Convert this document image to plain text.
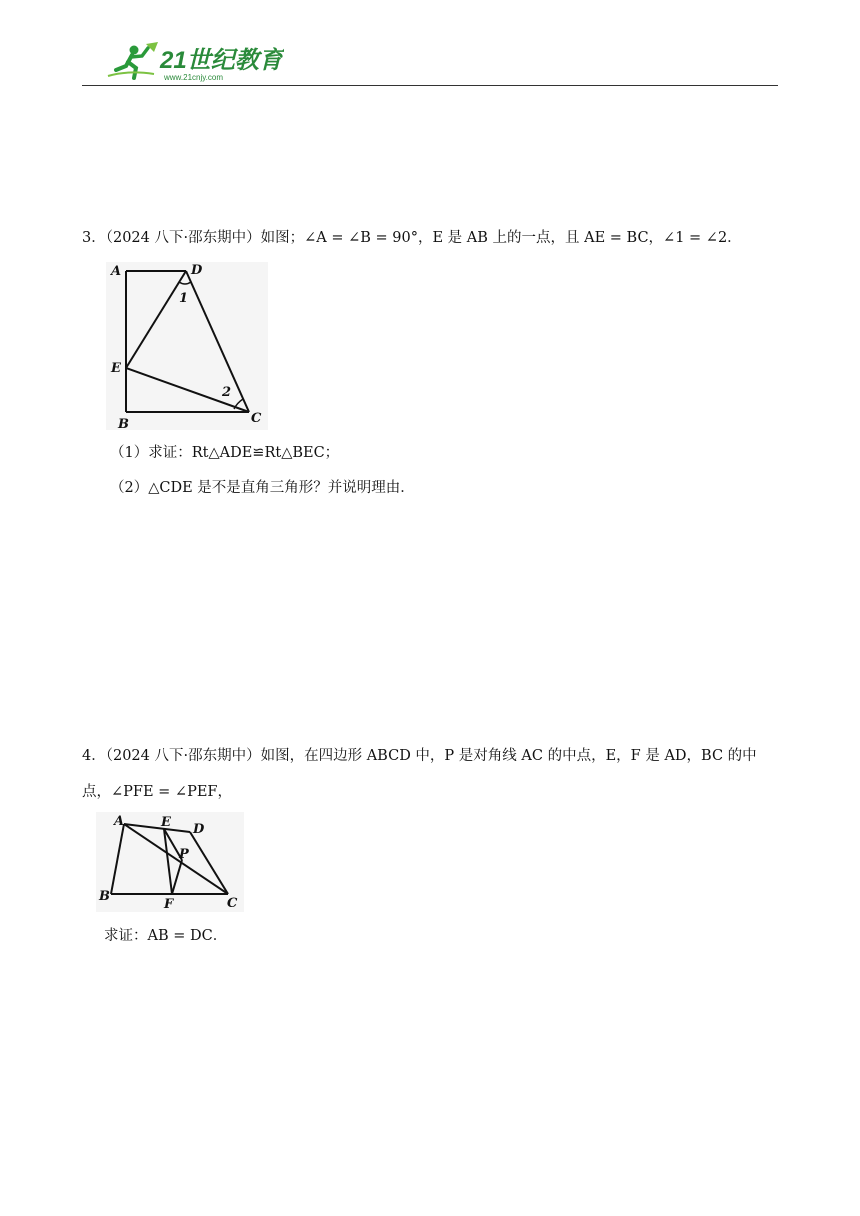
21世纪教育
www.21cnjy.com
3．（2024 八下·邵东期中）如图；∠A = ∠B = 90°，E 是 AB 上的一点，且 AE = BC，∠1 = ∠2．
A	D
1
E
2
C
B
（1）求证：Rt△ADE≌Rt△BEC；
（2）△CDE 是不是直角三角形？并说明理由．
4．（2024 八下·邵东期中）如图，在四边形 ABCD 中，P 是对角线 AC 的中点，E，F 是 AD，BC 的中
点，∠PFE = ∠PEF，
A	E D
P
B
F	C
求证：AB = DC．
